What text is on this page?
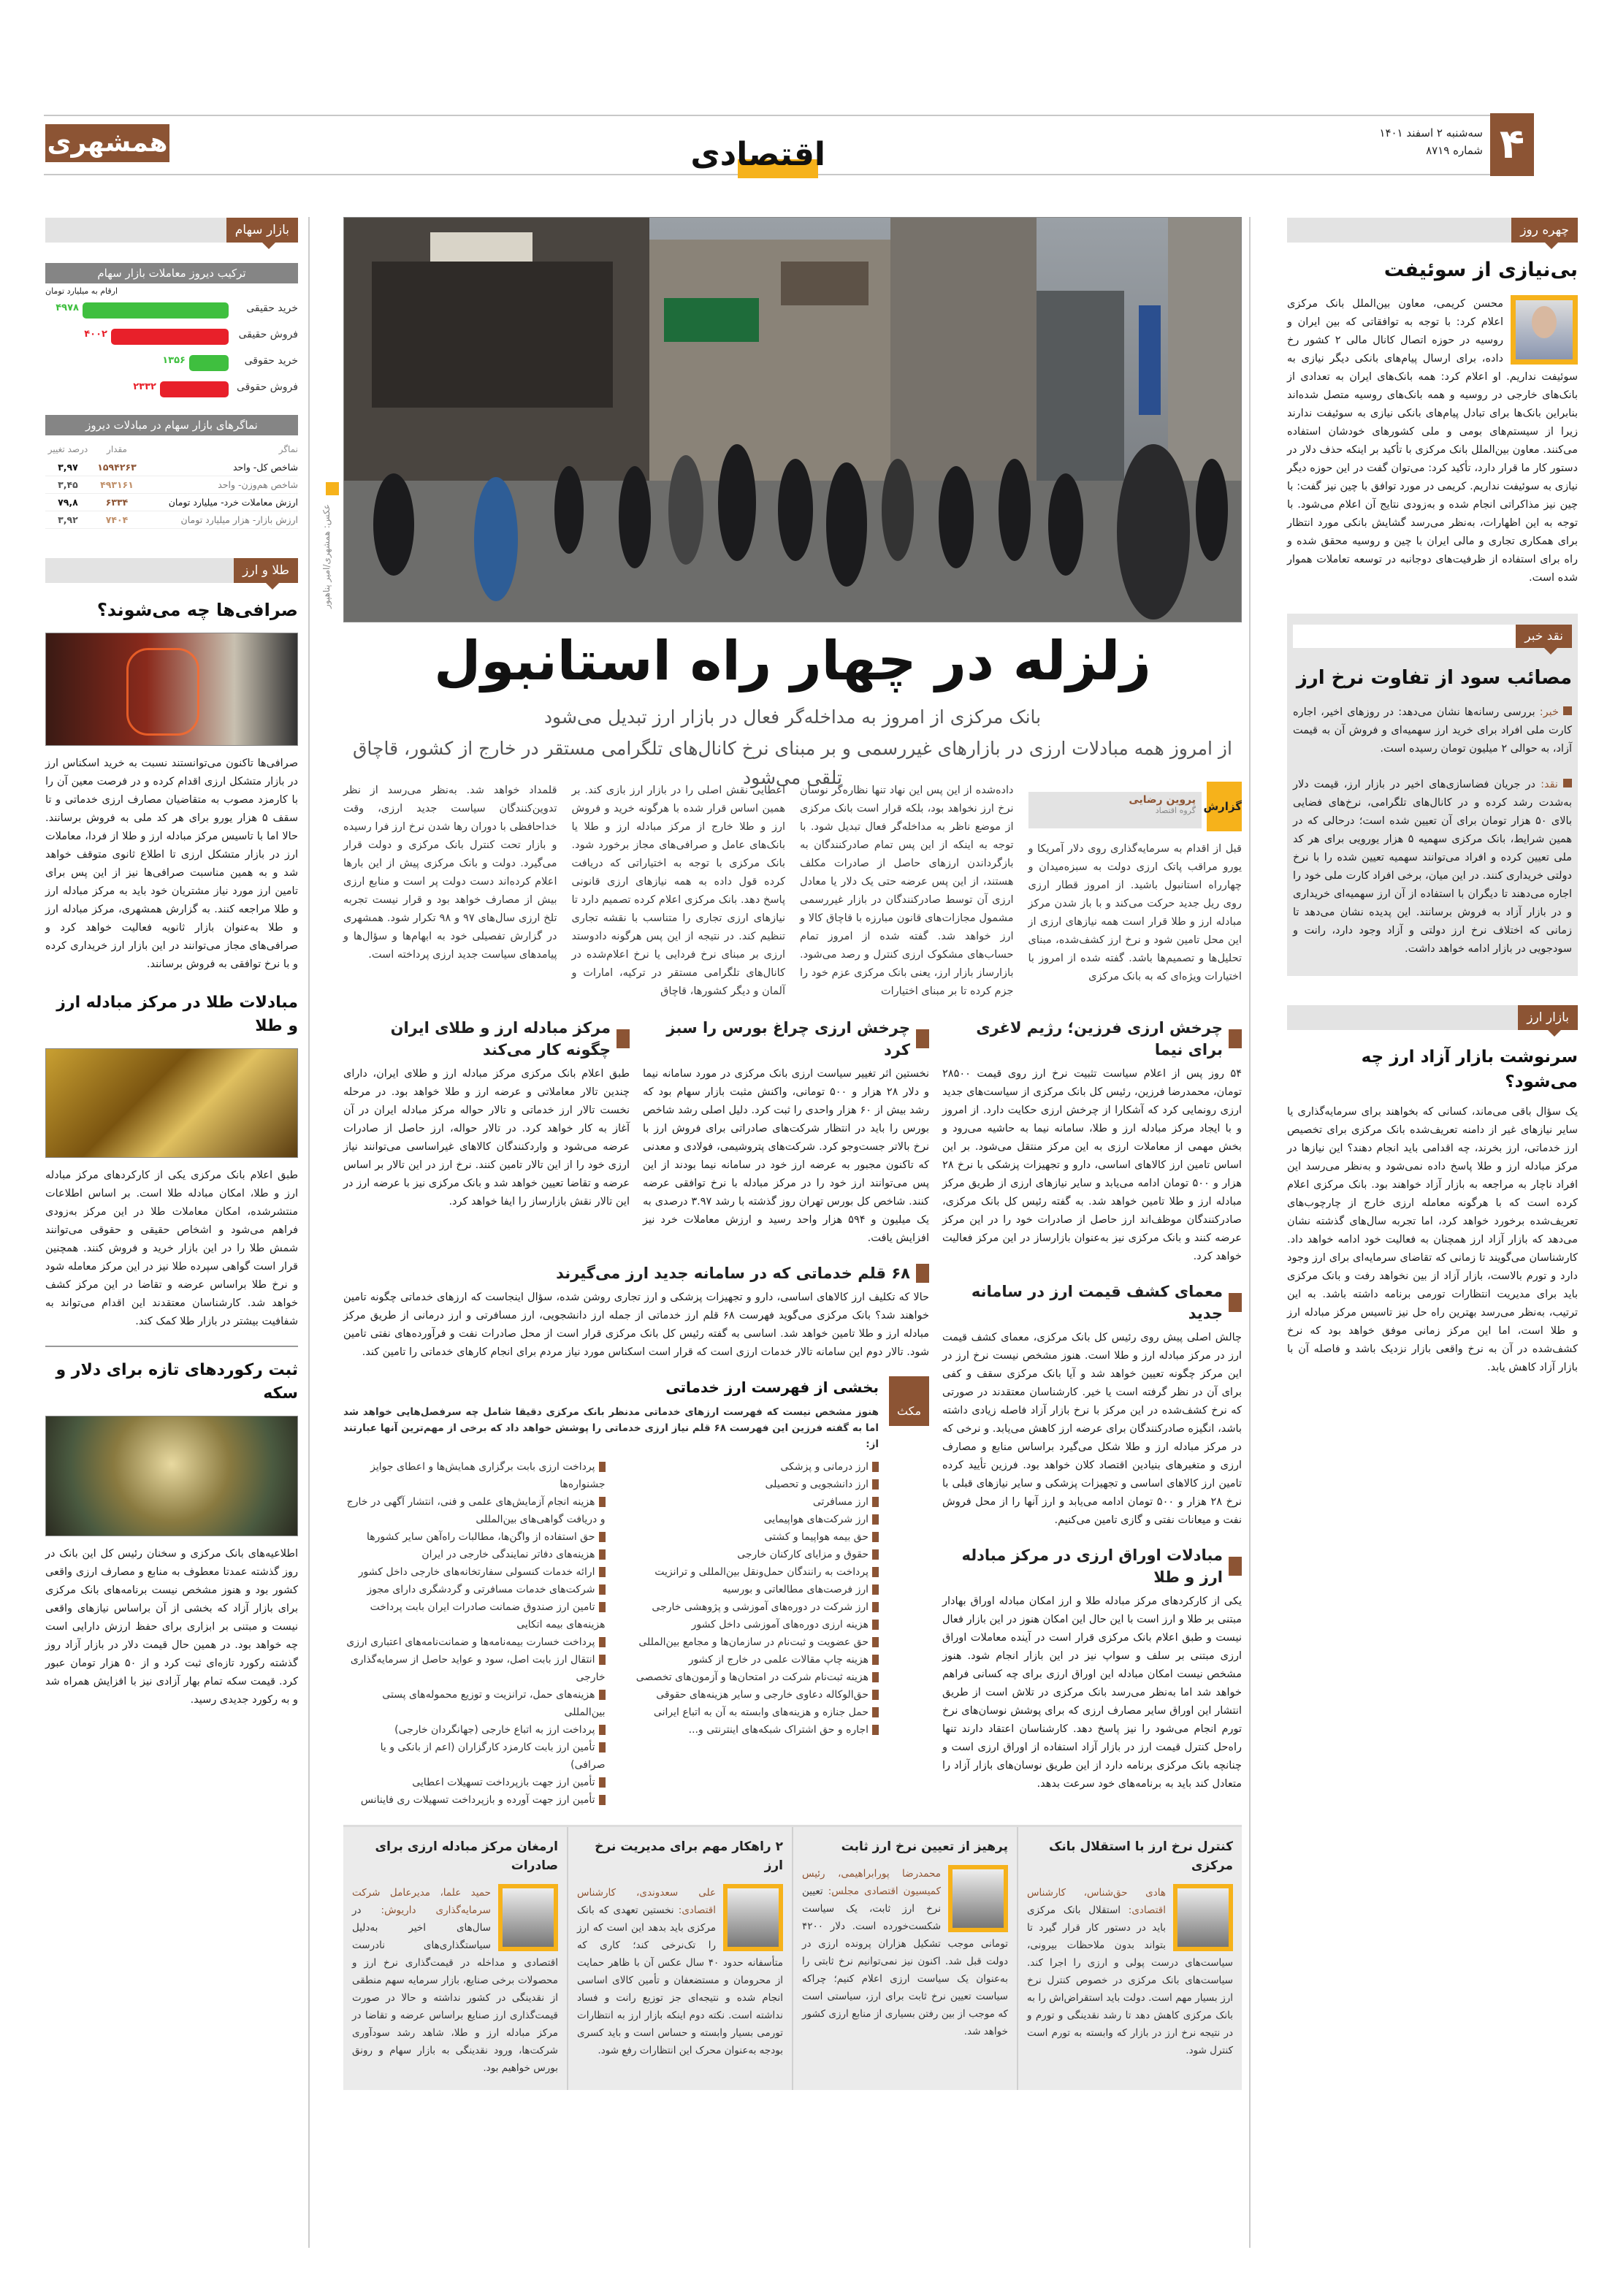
۴
سه‌شنبه ۲ اسفند ۱۴۰۱
شماره ۸۷۱۹
اقتصادی
همشهری
عکس: همشهری/امیر پناهپور
زلزله در چهار راه استانبول
بانک مرکزی از امروز به مداخله‌گر فعال در بازار ارز تبدیل می‌شود
از امروز همه مبادلات ارزی در بازارهای غیررسمی و بر مبنای نرخ کانال‌های تلگرامی مستقر در خارج از کشور، قاچاق تلقی می‌شود
گزارش
پروین رضایی
گروه اقتصاد
قبل از اقدام به سرمایه‌گذاری روی دلار آمریکا و یورو مراقب پاتک ارزی دولت به سبزه‌میدان و چهارراه استانبول باشید. از امروز قطار ارزی روی ریل جدید حرکت می‌کند و با باز شدن مرکز مبادله ارز و طلا قرار است همه نیازهای ارزی از این محل تامین شود و نرخ ارز کشف‌شده، مبنای تحلیل‌ها و تصمیم‌ها باشد. گفته شده از امروز با اختیارات ویژه‌ای که به بانک مرکزی
داده‌شده از این پس این نهاد تنها نظاره‌گر نوسان نرخ ارز نخواهد بود، بلکه قرار است بانک مرکزی از موضع ناظر به مداخله‌گر فعال تبدیل شود. با توجه به اینکه از این پس تمام صادرکنندگان به بازگرداندن ارزهای حاصل از صادرات مکلف هستند، از این پس عرضه حتی یک دلار یا معادل ارزی آن توسط صادرکنندگان در بازار غیررسمی مشمول مجازات‌های قانون مبارزه با قاچاق کالا و ارز خواهد شد. گفته شده از امروز تمام حساب‌های مشکوک ارزی کنترل و رصد می‌شود. بازارساز بازار ارز، یعنی بانک مرکزی عزم خود را جزم کرده تا بر مبنای اختیارات
اعطایی نقش اصلی را در بازار ارز بازی کند. بر همین اساس قرار شده با هرگونه خرید و فروش ارز و طلا خارج از مرکز مبادله ارز و طلا یا بانک‌های عامل و صرافی‌های مجاز برخورد شود. بانک مرکزی با توجه به اختیاراتی که دریافت کرده قول داده به همه نیازهای ارزی قانونی پاسخ دهد. بانک مرکزی اعلام کرده تصمیم دارد تا نیازهای ارزی تجاری را متناسب با نقشه تجاری تنظیم کند. در نتیجه از این پس هرگونه دادوستد ارزی بر مبنای نرخ فردایی یا نرخ اعلام‌شده در کانال‌های تلگرامی مستقر در ترکیه، امارات و آلمان و دیگر کشورها، قاچاق
قلمداد خواهد شد. به‌نظر می‌رسد از نظر تدوین‌کنندگان سیاست جدید ارزی، وقت خداحافظی با دوران رها شدن نرخ ارز فرا رسیده و بازار تحت کنترل بانک مرکزی و دولت قرار می‌گیرد. دولت و بانک مرکزی پیش از این بارها اعلام کرده‌اند دست دولت پر است و منابع ارزی بیش از مصارف خواهد بود و قرار نیست تجربه تلخ ارزی سال‌های ۹۷ و ۹۸ تکرار شود. همشهری در گزارش تفصیلی خود به ابهام‌ها و سؤال‌ها و پیامدهای سیاست جدید ارزی پرداخته است.
چرخش ارزی فرزین؛ رژیم لاغری برای نیما
۵۴ روز پس از اعلام سیاست تثبیت نرخ ارز روی قیمت ۲۸۵۰۰ تومان، محمدرضا فرزین، رئیس کل بانک مرکزی از سیاست‌های جدید ارزی رونمایی کرد که آشکارا از چرخش ارزی حکایت دارد. از امروز و با ایجاد مرکز مبادله ارز و طلا، سامانه نیما به حاشیه می‌رود و بخش مهمی از معاملات ارزی به این مرکز منتقل می‌شود. بر این اساس تامین ارز کالاهای اساسی، دارو و تجهیزات پزشکی با نرخ ۲۸ هزار و ۵۰۰ تومان ادامه می‌یابد و سایر نیازهای ارزی از طریق مرکز مبادله ارز و طلا تامین خواهد شد. به گفته رئیس کل بانک مرکزی، صادرکنندگان موظف‌اند ارز حاصل از صادرات خود را در این مرکز عرضه کنند و بانک مرکزی نیز به‌عنوان بازارساز در این مرکز فعالیت خواهد کرد.
معمای کشف قیمت ارز در سامانه جدید
چالش اصلی پیش روی رئیس کل بانک مرکزی، معمای کشف قیمت ارز در مرکز مبادله ارز و طلا است. هنوز مشخص نیست نرخ ارز در این مرکز چگونه تعیین خواهد شد و آیا بانک مرکزی سقف و کفی برای آن در نظر گرفته است یا خیر. کارشناسان معتقدند در صورتی که نرخ کشف‌شده در این مرکز با نرخ بازار آزاد فاصله زیادی داشته باشد، انگیزه صادرکنندگان برای عرضه ارز کاهش می‌یابد. و نرخی که در مرکز مبادله ارز و طلا شکل می‌گیرد براساس منابع و مصارف ارزی و متغیرهای بنیادین اقتصاد کلان خواهد بود. فرزین تأیید کرده تامین ارز کالاهای اساسی و تجهیزات پزشکی و سایر نیازهای قبلی با نرخ ۲۸ هزار و ۵۰۰ تومان ادامه می‌یابد و ارز آنها را از محل فروش نفت و میعانات نفتی و گازی تامین می‌کنیم.
مبادلات اوراق ارزی در مرکز مبادله ارز و طلا
یکی از کارکردهای مرکز مبادله طلا و ارز امکان مبادله اوراق بهادار مبتنی بر طلا و ارز است با این حال این امکان هنوز در این بازار فعال نیست و طبق اعلام بانک مرکزی قرار است در آینده معاملات اوراق ارزی مبتنی بر سلف و سواپ نیز در این بازار انجام شود. هنوز مشخص نیست امکان مبادله این اوراق ارزی برای چه کسانی فراهم خواهد شد اما به‌نظر می‌رسد بانک مرکزی در تلاش است از طریق انتشار این اوراق سایر مصارف ارزی که برای پوشش نوسان‌های نرخ تورم انجام می‌شود را نیز پاسخ دهد. کارشناسان اعتقاد دارند تنها راه‌حل کنترل قیمت ارز در بازار آزاد استفاده از اوراق ارزی است و چنانچه بانک مرکزی برنامه دارد از این طریق نوسان‌های بازار آزاد را متعادل کند باید به برنامه‌های خود سرعت بدهد.
چرخش ارزی چراغ بورس را سبز کرد
نخستین اثر تغییر سیاست ارزی بانک مرکزی در مورد سامانه نیما و دلار ۲۸ هزار و ۵۰۰ تومانی، واکنش مثبت بازار سهام بود که رشد بیش از ۶۰ هزار واحدی را ثبت کرد. دلیل اصلی رشد شاخص بورس را باید در انتظار شرکت‌های صادراتی برای فروش ارز با نرخ بالاتر جست‌وجو کرد. شرکت‌های پتروشیمی، فولادی و معدنی که تاکنون مجبور به عرضه ارز خود در سامانه نیما بودند از این پس می‌توانند ارز خود را در مرکز مبادله با نرخ توافقی عرضه کنند. شاخص کل بورس تهران روز گذشته با رشد ۳.۹۷ درصدی به یک میلیون و ۵۹۴ هزار واحد رسید و ارزش معاملات خرد نیز افزایش یافت.
مرکز مبادله ارز و طلای ایران چگونه کار می‌کند
طبق اعلام بانک مرکزی مرکز مبادله ارز و طلای ایران، دارای چندین تالار معاملاتی و عرضه ارز و طلا خواهد بود. در مرحله نخست تالار ارز خدماتی و تالار حواله مرکز مبادله ایران در آن آغاز به کار خواهد کرد. در تالار حواله، ارز حاصل از صادرات عرضه می‌شود و واردکنندگان کالاهای غیراساسی می‌توانند نیاز ارزی خود را از این تالار تامین کنند. نرخ ارز در این تالار بر اساس عرضه و تقاضا تعیین خواهد شد و بانک مرکزی نیز با عرضه ارز در این تالار نقش بازارساز را ایفا خواهد کرد.
۶۸ قلم خدماتی که در سامانه جدید ارز می‌گیرند
حالا که تکلیف ارز کالاهای اساسی، دارو و تجهیزات پزشکی و ارز تجاری روشن شده، سؤال اینجاست که ارزهای خدماتی چگونه تامین خواهند شد؟ بانک مرکزی می‌گوید فهرست ۶۸ قلم ارز خدماتی از جمله ارز دانشجویی، ارز مسافرتی و ارز درمانی از طریق مرکز مبادله ارز و طلا تامین خواهد شد. اساسی به گفته رئیس کل بانک مرکزی قرار است از محل صادرات نفت و فرآورده‌های نفتی تامین شود. تالار دوم این سامانه تالار خدمات ارزی است که قرار است اسکناس مورد نیاز مردم برای انجام کارهای خدماتی را تامین کند.
مکث
بخشی از فهرست ارز خدماتی
هنوز مشخص نیست که فهرست ارزهای خدماتی مدنظر بانک مرکزی دقیقا شامل چه سرفصل‌هایی خواهد شد اما به گفته فرزین این فهرست ۶۸ قلم نیاز ارزی خدماتی را پوشش خواهد داد که برخی از مهم‌ترین آنها عبارتند از:
ارز درمانی و پزشکی
ارز دانشجویی و تحصیلی
ارز مسافرتی
ارز شرکت‌های هواپیمایی
حق بیمه هواپیما و کشتی
حقوق و مزایای کارکنان خارجی
پرداخت به رانندگان حمل‌ونقل بین‌المللی و ترانزیت
ارز فرصت‌های مطالعاتی و بورسیه
ارز شرکت در دوره‌های آموزشی و پژوهشی خارجی
هزینه ارزی دوره‌های آموزشی داخل کشور
حق عضویت و ثبت‌نام در سازمان‌ها و مجامع بین‌المللی
هزینه چاپ مقالات علمی در خارج از کشور
هزینه ثبت‌نام شرکت در امتحان‌ها و آزمون‌های تخصصی
حق‌الوکاله دعاوی خارجی و سایر هزینه‌های حقوقی
حمل جنازه و هزینه‌های وابسته به آن به اتباع ایرانی
اجاره و حق اشتراک شبکه‌های اینترنتی و...
پرداخت ارزی بابت برگزاری همایش‌ها و اعطای جوایز جشنواره‌ها
هزینه انجام آزمایش‌های علمی و فنی، انتشار آگهی در خارج و دریافت گواهی‌های بین‌المللی
حق استفاده از واگن‌ها، مطالبات راه‌آهن سایر کشورها
هزینه‌های دفاتر نمایندگی خارجی در ایران
ارائه خدمات کنسولی سفارتخانه‌های خارجی داخل کشور
شرکت‌های خدمات مسافرتی و گردشگری دارای مجوز
تامین ارز صندوق ضمانت صادرات ایران بابت پرداخت هزینه‌های بیمه اتکایی
پرداخت خسارت بیمه‌نامه‌ها و ضمانت‌نامه‌های اعتباری ارزی
انتقال ارز بابت اصل، سود و عواید حاصل از سرمایه‌گذاری خارجی
هزینه‌های حمل، ترانزیت و توزیع محموله‌های پستی بین‌المللی
پرداخت ارز به اتباع خارجی (جهانگردان خارجی)
تأمین ارز بابت کارمزد کارگزاران (اعم از بانکی و یا صرافی)
تأمین ارز جهت بازپرداخت تسهیلات اعطایی
تأمین ارز جهت آورده و بازپرداخت تسهیلات ری فاینانس
کنترل نرخ ارز با استقلال بانک مرکزی
هادی حق‌شناس، کارشناس اقتصادی: استقلال بانک مرکزی باید در دستور کار قرار گیرد تا بتواند بدون ملاحظات بیرونی، سیاست‌های درست پولی و ارزی را اجرا کند. سیاست‌های بانک مرکزی در خصوص کنترل نرخ ارز بسیار مهم است. دولت باید استقراض‌اش را به بانک مرکزی کاهش دهد تا رشد نقدینگی و تورم و در نتیجه نرخ ارز در بازار که وابسته به تورم است کنترل شود.
پرهیز از تعیین نرخ ارز ثابت
محمدرضا پورابراهیمی، رئیس کمیسیون اقتصادی مجلس: تعیین نرخ ارز ثابت، یک سیاست شکست‌خورده است. دلار ۴۲۰۰ تومانی موجب تشکیل هزاران پرونده ارزی در دولت قبل شد. اکنون نیز نمی‌توانیم نرخ ثابتی را به‌عنوان یک سیاست ارزی اعلام کنیم؛ چراکه سیاست تعیین نرخ ثابت برای ارز، سیاستی است که موجب از بین رفتن بسیاری از منابع ارزی کشور خواهد شد.
۲ راهکار مهم برای مدیریت نرخ ارز
علی سعدوندی، کارشناس اقتصادی: نخستین تعهدی که بانک مرکزی باید بدهد این است که ارز را تک‌نرخی کند؛ کاری که متأسفانه حدود ۴۰ سال عکس آن با ظاهر حمایت از محرومان و مستضعفان و تأمین کالای اساسی انجام شده و نتیجه‌ای جز توزیع رانت و فساد نداشته است. نکته دوم اینکه بازار ارز به انتظارات تورمی بسیار وابسته و حساس است و باید کسری بودجه به‌عنوان محرک این انتظارات رفع شود.
ارمغان مرکز مبادله ارزی برای صادرات
حمید علما، مدیرعامل شرکت سرمایه‌گذاری داریوش: در سال‌های اخیر به‌دلیل سیاستگذاری‌های نادرست اقتصادی و مداخله در قیمت‌گذاری نرخ ارز و محصولات برخی صنایع، بازار سرمایه سهم منطقی از نقدینگی در کشور نداشته و حالا در صورت قیمت‌گذاری ارز صنایع براساس عرضه و تقاضا در مرکز مبادله ارز و طلا، شاهد رشد سودآوری شرکت‌ها، ورود نقدینگی به بازار سهام و رونق بورس خواهیم بود.
بازار سهام
ترکیب دیروز معاملات بازار سهام
ارقام به میلیارد تومان
خرید حقیقی
۴۹۷۸
فروش حقیقی
۴۰۰۲
خرید حقوقی
۱۳۵۶
فروش حقوقی
۲۳۳۲
نماگرهای بازار سهام در مبادلات دیروز
نماگر
مقدار
درصد تغییر
شاخص کل- واحد
۱۵۹۴۲۶۳
۳,۹۷
شاخص هم‌وزن- واحد
۴۹۳۱۶۱
۳,۴۵
ارزش معاملات خرد- میلیارد تومان
۶۳۳۴
۷۹,۸
ارزش بازار- هزار میلیارد تومان
۷۴۰۴
۳,۹۲
طلا و ارز
صرافی‌ها چه می‌شوند؟
صرافی‌ها تاکنون می‌توانستند نسبت به خرید اسکناس ارز در بازار متشکل ارزی اقدام کرده و در فرصت معین آن را با کارمزد مصوب به متقاضیان مصارف ارزی خدماتی و تا سقف ۵ هزار یورو برای هر کد ملی به فروش برسانند. حالا اما با تاسیس مرکز مبادله ارز و طلا از فردا، معاملات ارز در بازار متشکل ارزی تا اطلاع ثانوی متوقف خواهد شد و به همین مناسبت صرافی‌ها نیز از این پس برای تامین ارز مورد نیاز مشتریان خود باید به مرکز مبادله ارز و طلا مراجعه کنند. به گزارش همشهری، مرکز مبادله ارز و طلا به‌عنوان بازار ثانویه فعالیت خواهد کرد و صرافی‌های مجاز می‌توانند در این بازار ارز خریداری کرده و با نرخ توافقی به فروش برسانند.
مبادلات طلا در مرکز مبادله ارز و طلا
طبق اعلام بانک مرکزی یکی از کارکردهای مرکز مبادله ارز و طلا، امکان مبادله طلا است. بر اساس اطلاعات منتشرشده، امکان معاملات طلا در این مرکز به‌زودی فراهم می‌شود و اشخاص حقیقی و حقوقی می‌توانند شمش طلا را در این بازار خرید و فروش کنند. همچنین قرار است گواهی سپرده طلا نیز در این مرکز معامله شود و نرخ طلا براساس عرضه و تقاضا در این مرکز کشف خواهد شد. کارشناسان معتقدند این اقدام می‌تواند به شفافیت بیشتر در بازار طلا کمک کند.
ثبت رکوردهای تازه برای دلار و سکه
اطلاعیه‌های بانک مرکزی و سخنان رئیس کل این بانک در روز گذشته عمدتا معطوف به منابع و مصارف ارزی واقعی کشور بود و هنوز مشخص نیست برنامه‌های بانک مرکزی برای بازار آزاد که بخشی از آن براساس نیازهای واقعی نیست و مبتنی بر ابزاری برای حفظ ارزش دارایی است چه خواهد بود. در همین حال قیمت دلار در بازار آزاد روز گذشته رکورد تازه‌ای ثبت کرد و از ۵۰ هزار تومان عبور کرد. قیمت سکه تمام بهار آزادی نیز با افزایش همراه شد و به رکورد جدیدی رسید.
چهره روز
بی‌نیازی از سوئیفت
محسن کریمی، معاون بین‌الملل بانک مرکزی اعلام کرد: با توجه به توافقاتی که بین ایران و روسیه در حوزه اتصال کانال مالی ۲ کشور رخ داده، برای ارسال پیام‌های بانکی دیگر نیازی به سوئیفت نداریم. او اعلام کرد: همه بانک‌های ایران به تعدادی از بانک‌های خارجی در روسیه و همه بانک‌های روسیه متصل شده‌اند بنابراین بانک‌ها برای تبادل پیام‌های بانکی نیازی به سوئیفت ندارند زیرا از سیستم‌های بومی و ملی کشورهای خودشان استفاده می‌کنند. معاون بین‌الملل بانک مرکزی با تأکید بر اینکه حذف دلار در دستور کار ما قرار دارد، تأکید کرد: می‌توان گفت در این حوزه دیگر نیازی به سوئیفت نداریم. کریمی در مورد توافق با چین نیز گفت: با چین نیز مذاکراتی انجام شده و به‌زودی نتایج آن اعلام می‌شود. با توجه به این اظهارات، به‌نظر می‌رسد گشایش بانکی مورد انتظار برای همکاری تجاری و مالی ایران با چین و روسیه محقق شده و راه برای استفاده از ظرفیت‌های دوجانبه در توسعه تعاملات هموار شده است.
نقد خبر
مصائب سود از تفاوت نرخ ارز
خبر: بررسی رسانه‌ها نشان می‌دهد: در روزهای اخیر، اجاره کارت ملی افراد برای خرید ارز سهمیه‌ای و فروش آن به قیمت آزاد، به حوالی ۲ میلیون تومان رسیده است.
نقد: در جریان فضاسازی‌های اخیر در بازار ارز، قیمت دلار به‌شدت رشد کرده و در کانال‌های تلگرامی، نرخ‌های فضایی بالای ۵۰ هزار تومان برای آن تعیین شده است؛ درحالی که در همین شرایط، بانک مرکزی سهمیه ۵ هزار یورویی برای هر کد ملی تعیین کرده و افراد می‌توانند سهمیه تعیین شده را با نرخ دولتی خریداری کنند. در این میان، برخی افراد کارت ملی خود را اجاره می‌دهند تا دیگران با استفاده از آن ارز سهمیه‌ای خریداری و در بازار آزاد به فروش برسانند. این پدیده نشان می‌دهد تا زمانی که اختلاف نرخ ارز دولتی و آزاد وجود دارد، رانت و سودجویی در بازار ادامه خواهد داشت.
بازار ارز
سرنوشت بازار آزاد ارز چه می‌شود؟
یک سؤال باقی می‌ماند، کسانی که بخواهند برای سرمایه‌گذاری یا سایر نیازهای غیر از دامنه تعریف‌شده بانک مرکزی برای تخصیص ارز خدماتی، ارز بخرند، چه اقدامی باید انجام دهند؟ این نیازها در مرکز مبادله ارز و طلا پاسخ داده نمی‌شود و به‌نظر می‌رسد این افراد ناچار به مراجعه به بازار آزاد خواهند بود. بانک مرکزی اعلام کرده است که با هرگونه معامله ارزی خارج از چارچوب‌های تعریف‌شده برخورد خواهد کرد، اما تجربه سال‌های گذشته نشان می‌دهد که بازار آزاد ارز همچنان به فعالیت خود ادامه خواهد داد. کارشناسان می‌گویند تا زمانی که تقاضای سرمایه‌ای برای ارز وجود دارد و تورم بالاست، بازار آزاد از بین نخواهد رفت و بانک مرکزی باید برای مدیریت انتظارات تورمی برنامه داشته باشد. به این ترتیب، به‌نظر می‌رسد بهترین راه حل نیز تاسیس مرکز مبادله ارز و طلا است، اما این مرکز زمانی موفق خواهد بود که نرخ کشف‌شده در آن به نرخ واقعی بازار نزدیک باشد و فاصله آن با بازار آزاد کاهش یابد.
